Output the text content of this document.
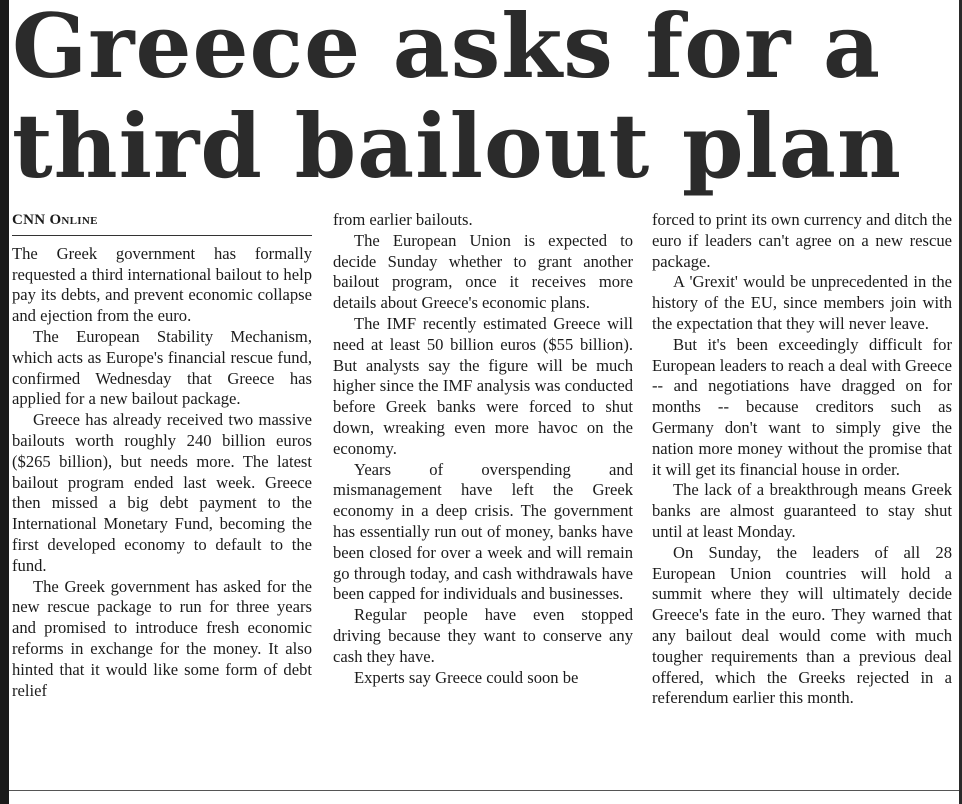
Greece asks for a third bailout plan
CNN Online

The Greek government has formally requested a third international bailout to help pay its debts, and prevent economic collapse and ejection from the euro.

The European Stability Mechanism, which acts as Europe's financial rescue fund, confirmed Wednesday that Greece has applied for a new bailout package.

Greece has already received two massive bailouts worth roughly 240 billion euros ($265 billion), but needs more. The latest bailout program ended last week. Greece then missed a big debt payment to the International Monetary Fund, becoming the first developed economy to default to the fund.

The Greek government has asked for the new rescue package to run for three years and promised to introduce fresh economic reforms in exchange for the money. It also hinted that it would like some form of debt relief

from earlier bailouts.

The European Union is expected to decide Sunday whether to grant another bailout program, once it receives more details about Greece's economic plans.

The IMF recently estimated Greece will need at least 50 billion euros ($55 billion). But analysts say the figure will be much higher since the IMF analysis was conducted before Greek banks were forced to shut down, wreaking even more havoc on the economy.

Years of overspending and mismanagement have left the Greek economy in a deep crisis. The government has essentially run out of money, banks have been closed for over a week and will remain go through today, and cash withdrawals have been capped for individuals and businesses.

Regular people have even stopped driving because they want to conserve any cash they have.

Experts say Greece could soon be

forced to print its own currency and ditch the euro if leaders can't agree on a new rescue package.

A 'Grexit' would be unprecedented in the history of the EU, since members join with the expectation that they will never leave.

But it's been exceedingly difficult for European leaders to reach a deal with Greece -- and negotiations have dragged on for months -- because creditors such as Germany don't want to simply give the nation more money without the promise that it will get its financial house in order.

The lack of a breakthrough means Greek banks are almost guaranteed to stay shut until at least Monday.

On Sunday, the leaders of all 28 European Union countries will hold a summit where they will ultimately decide Greece's fate in the euro. They warned that any bailout deal would come with much tougher requirements than a previous deal offered, which the Greeks rejected in a referendum earlier this month.
